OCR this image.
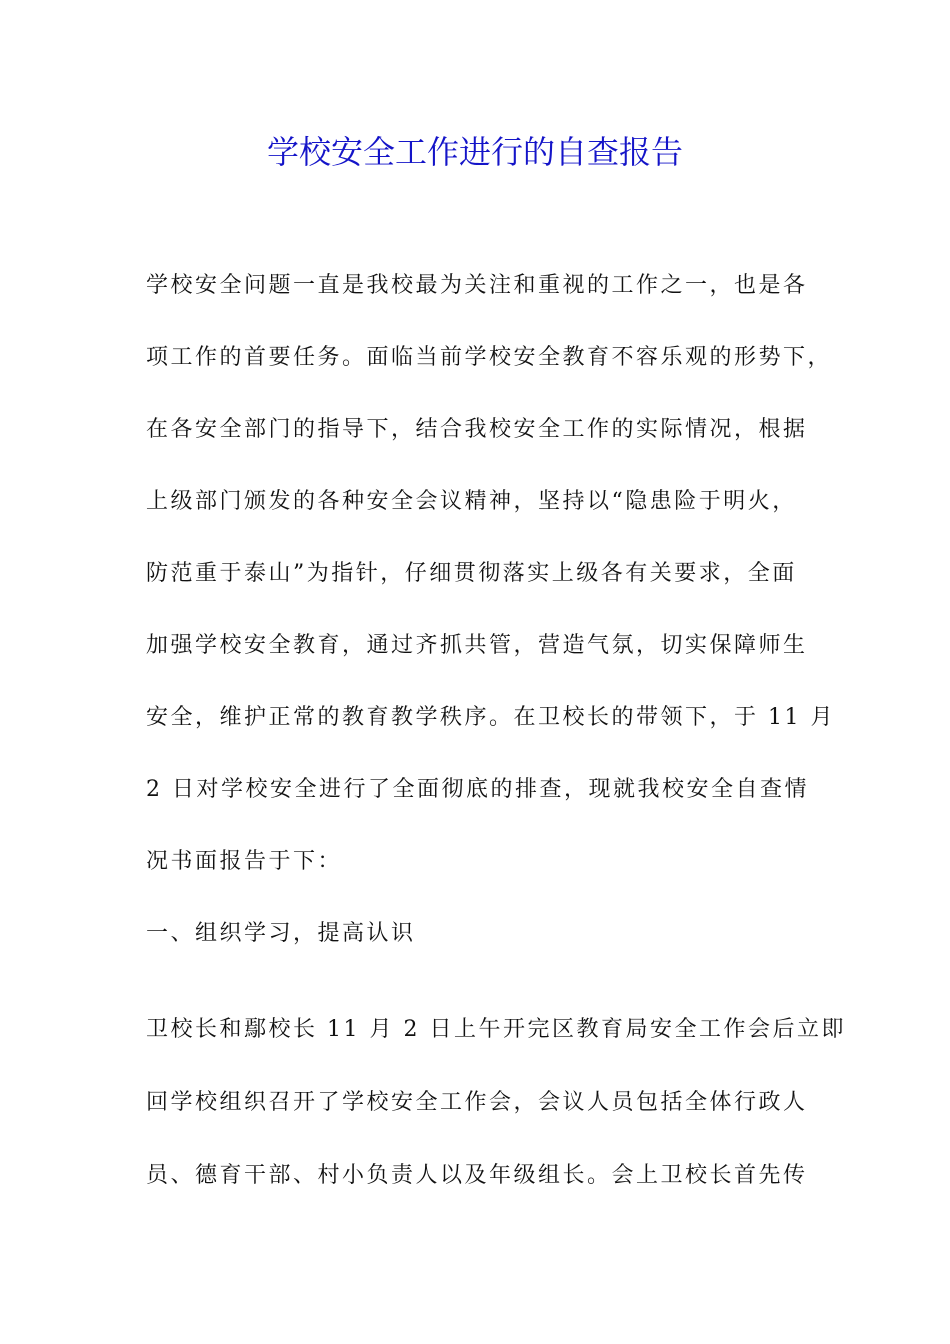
学校安全工作进行的自查报告

学校安全问题一直是我校最为关注和重视的工作之一，也是各

项工作的首要任务。面临当前学校安全教育不容乐观的形势下，

在各安全部门的指导下，结合我校安全工作的实际情况，根据

上级部门颁发的各种安全会议精神，坚持以“隐患险于明火，

防范重于泰山”为指针，仔细贯彻落实上级各有关要求，全面

加强学校安全教育，通过齐抓共管，营造气氛，切实保障师生

安全，维护正常的教育教学秩序。在卫校长的带领下，于 11 月

2 日对学校安全进行了全面彻底的排查，现就我校安全自查情

况书面报告于下：

一、组织学习，提高认识

卫校长和鄢校长 11 月 2 日上午开完区教育局安全工作会后立即

回学校组织召开了学校安全工作会，会议人员包括全体行政人

员、德育干部、村小负责人以及年级组长。会上卫校长首先传
